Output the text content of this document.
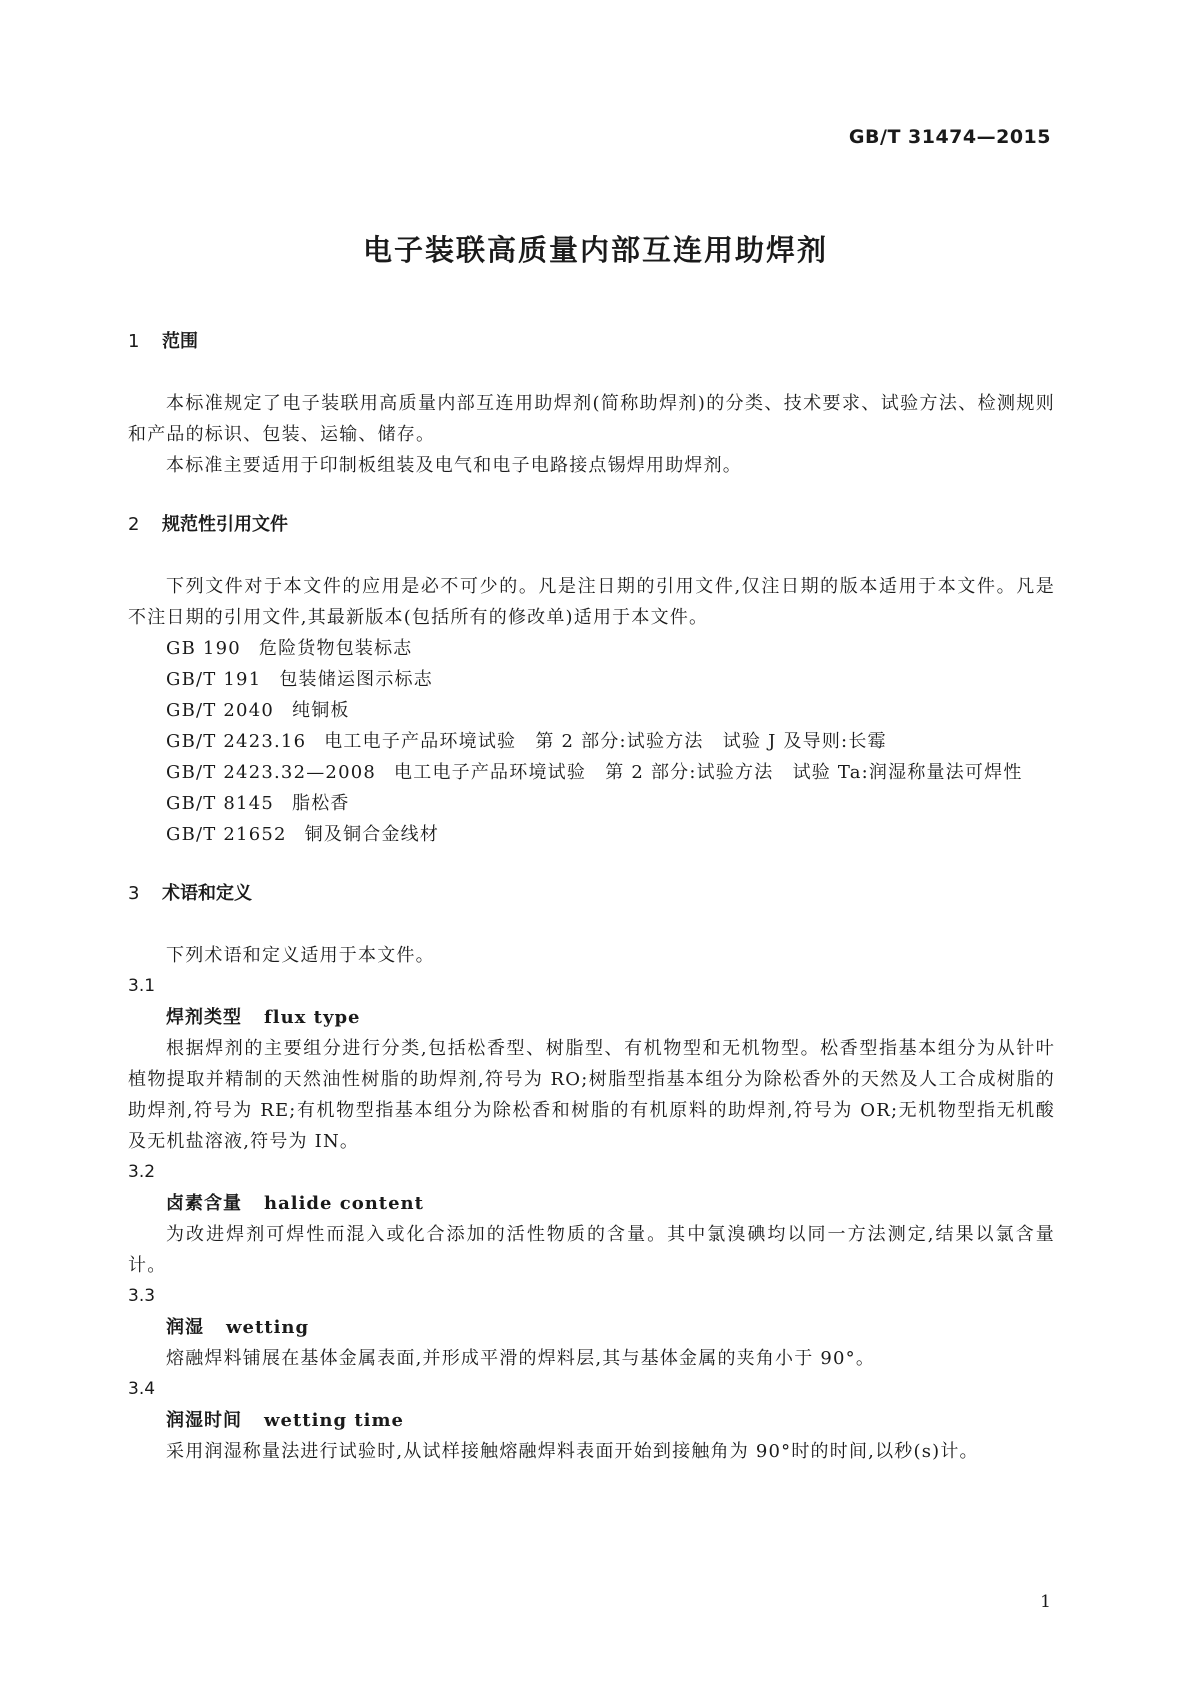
GB/T 31474—2015
电子装联高质量内部互连用助焊剂
1 范围

本标准规定了电子装联用高质量内部互连用助焊剂(简称助焊剂)的分类、技术要求、试验方法、检测规则和产品的标识、包装、运输、储存。

本标准主要适用于印制板组装及电气和电子电路接点锡焊用助焊剂。

2 规范性引用文件

下列文件对于本文件的应用是必不可少的。凡是注日期的引用文件,仅注日期的版本适用于本文件。凡是不注日期的引用文件,其最新版本(包括所有的修改单)适用于本文件。

GB 190 危险货物包装标志

GB/T 191 包装储运图示标志

GB/T 2040 纯铜板

GB/T 2423.16 电工电子产品环境试验　第 2 部分:试验方法　试验 J 及导则:长霉

GB/T 2423.32—2008 电工电子产品环境试验　第 2 部分:试验方法　试验 Ta:润湿称量法可焊性

GB/T 8145 脂松香

GB/T 21652 铜及铜合金线材

3 术语和定义

下列术语和定义适用于本文件。

3.1

焊剂类型 flux type

根据焊剂的主要组分进行分类,包括松香型、树脂型、有机物型和无机物型。松香型指基本组分为从针叶植物提取并精制的天然油性树脂的助焊剂,符号为 RO;树脂型指基本组分为除松香外的天然及人工合成树脂的助焊剂,符号为 RE;有机物型指基本组分为除松香和树脂的有机原料的助焊剂,符号为 OR;无机物型指无机酸及无机盐溶液,符号为 IN。

3.2

卤素含量 halide content

为改进焊剂可焊性而混入或化合添加的活性物质的含量。其中氯溴碘均以同一方法测定,结果以氯含量计。

3.3

润湿 wetting

熔融焊料铺展在基体金属表面,并形成平滑的焊料层,其与基体金属的夹角小于 90°。

3.4

润湿时间 wetting time

采用润湿称量法进行试验时,从试样接触熔融焊料表面开始到接触角为 90°时的时间,以秒(s)计。

1
